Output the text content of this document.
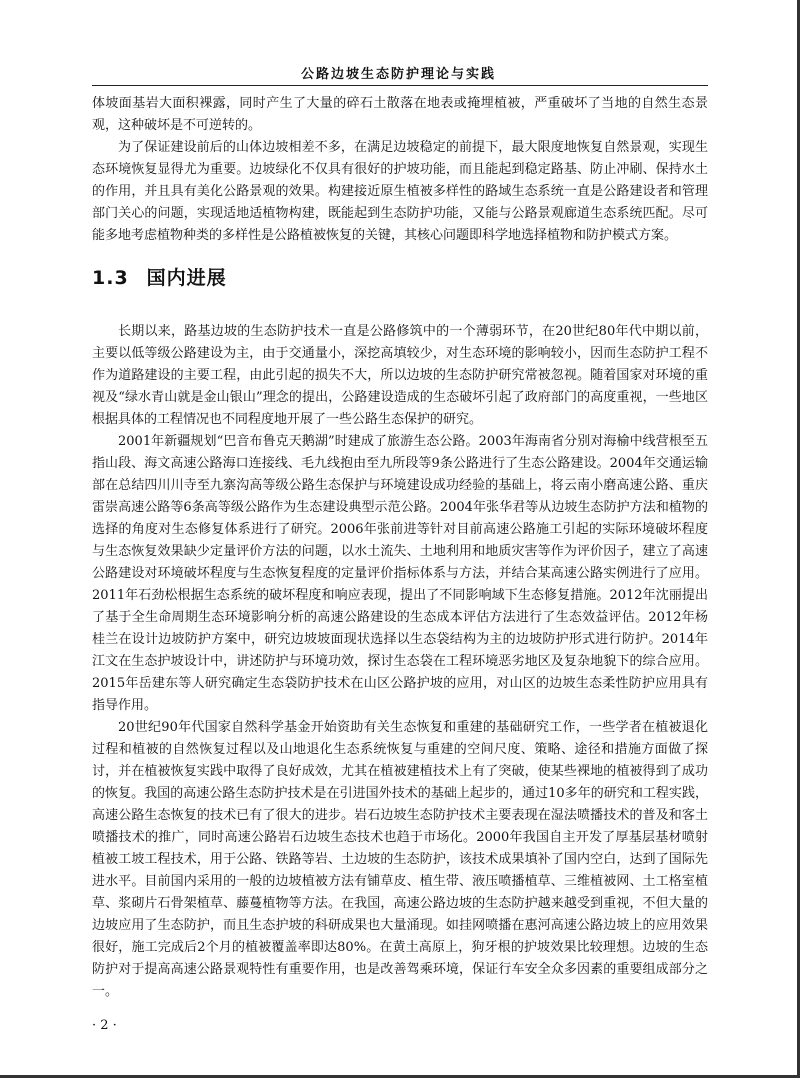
公路边坡生态防护理论与实践

体坡面基岩大面积裸露，同时产生了大量的碎石土散落在地表或掩埋植被，严重破坏了当地的自然生态景观，这种破坏是不可逆转的。

为了保证建设前后的山体边坡相差不多，在满足边坡稳定的前提下，最大限度地恢复自然景观，实现生态环境恢复显得尤为重要。边坡绿化不仅具有很好的护坡功能，而且能起到稳定路基、防止冲刷、保持水土的作用，并且具有美化公路景观的效果。构建接近原生植被多样性的路域生态系统一直是公路建设者和管理部门关心的问题，实现适地适植物构建，既能起到生态防护功能，又能与公路景观廊道生态系统匹配。尽可能多地考虑植物种类的多样性是公路植被恢复的关键，其核心问题即科学地选择植物和防护模式方案。

1.3 国内进展

长期以来，路基边坡的生态防护技术一直是公路修筑中的一个薄弱环节，在20世纪80年代中期以前，主要以低等级公路建设为主，由于交通量小，深挖高填较少，对生态环境的影响较小，因而生态防护工程不作为道路建设的主要工程，由此引起的损失不大，所以边坡的生态防护研究常被忽视。随着国家对环境的重视及“绿水青山就是金山银山”理念的提出，公路建设造成的生态破坏引起了政府部门的高度重视，一些地区根据具体的工程情况也不同程度地开展了一些公路生态保护的研究。

2001年新疆规划“巴音布鲁克天鹅湖”时建成了旅游生态公路。2003年海南省分别对海榆中线营根至五指山段、海文高速公路海口连接线、毛九线抱由至九所段等9条公路进行了生态公路建设。2004年交通运输部在总结四川川寺至九寨沟高等级公路生态保护与环境建设成功经验的基础上，将云南小磨高速公路、重庆雷崇高速公路等6条高等级公路作为生态建设典型示范公路。2004年张华君等从边坡生态防护方法和植物的选择的角度对生态修复体系进行了研究。2006年张前进等针对目前高速公路施工引起的实际环境破坏程度与生态恢复效果缺少定量评价方法的问题，以水土流失、土地利用和地质灾害等作为评价因子，建立了高速公路建设对环境破坏程度与生态恢复程度的定量评价指标体系与方法，并结合某高速公路实例进行了应用。2011年石劲松根据生态系统的破坏程度和响应表现，提出了不同影响域下生态修复措施。2012年沈丽提出了基于全生命周期生态环境影响分析的高速公路建设的生态成本评估方法进行了生态效益评估。2012年杨桂兰在设计边坡防护方案中，研究边坡坡面现状选择以生态袋结构为主的边坡防护形式进行防护。2014年江文在生态护坡设计中，讲述防护与环境功效，探讨生态袋在工程环境恶劣地区及复杂地貌下的综合应用。2015年岳建东等人研究确定生态袋防护技术在山区公路护坡的应用，对山区的边坡生态柔性防护应用具有指导作用。

20世纪90年代国家自然科学基金开始资助有关生态恢复和重建的基础研究工作，一些学者在植被退化过程和植被的自然恢复过程以及山地退化生态系统恢复与重建的空间尺度、策略、途径和措施方面做了探讨，并在植被恢复实践中取得了良好成效，尤其在植被建植技术上有了突破，使某些裸地的植被得到了成功的恢复。我国的高速公路生态防护技术是在引进国外技术的基础上起步的，通过10多年的研究和工程实践，高速公路生态恢复的技术已有了很大的进步。岩石边坡生态防护技术主要表现在湿法喷播技术的普及和客土喷播技术的推广，同时高速公路岩石边坡生态技术也趋于市场化。2000年我国自主开发了厚基层基材喷射植被工坡工程技术，用于公路、铁路等岩、土边坡的生态防护，该技术成果填补了国内空白，达到了国际先进水平。目前国内采用的一般的边坡植被方法有铺草皮、植生带、液压喷播植草、三维植被网、土工格室植草、浆砌片石骨架植草、藤蔓植物等方法。在我国，高速公路边坡的生态防护越来越受到重视，不但大量的边坡应用了生态防护，而且生态护坡的科研成果也大量涌现。如挂网喷播在惠河高速公路边坡上的应用效果很好，施工完成后2个月的植被覆盖率即达80%。在黄土高原上，狗牙根的护坡效果比较理想。边坡的生态防护对于提高高速公路景观特性有重要作用，也是改善驾乘环境，保证行车安全众多因素的重要组成部分之一。

· 2 ·
